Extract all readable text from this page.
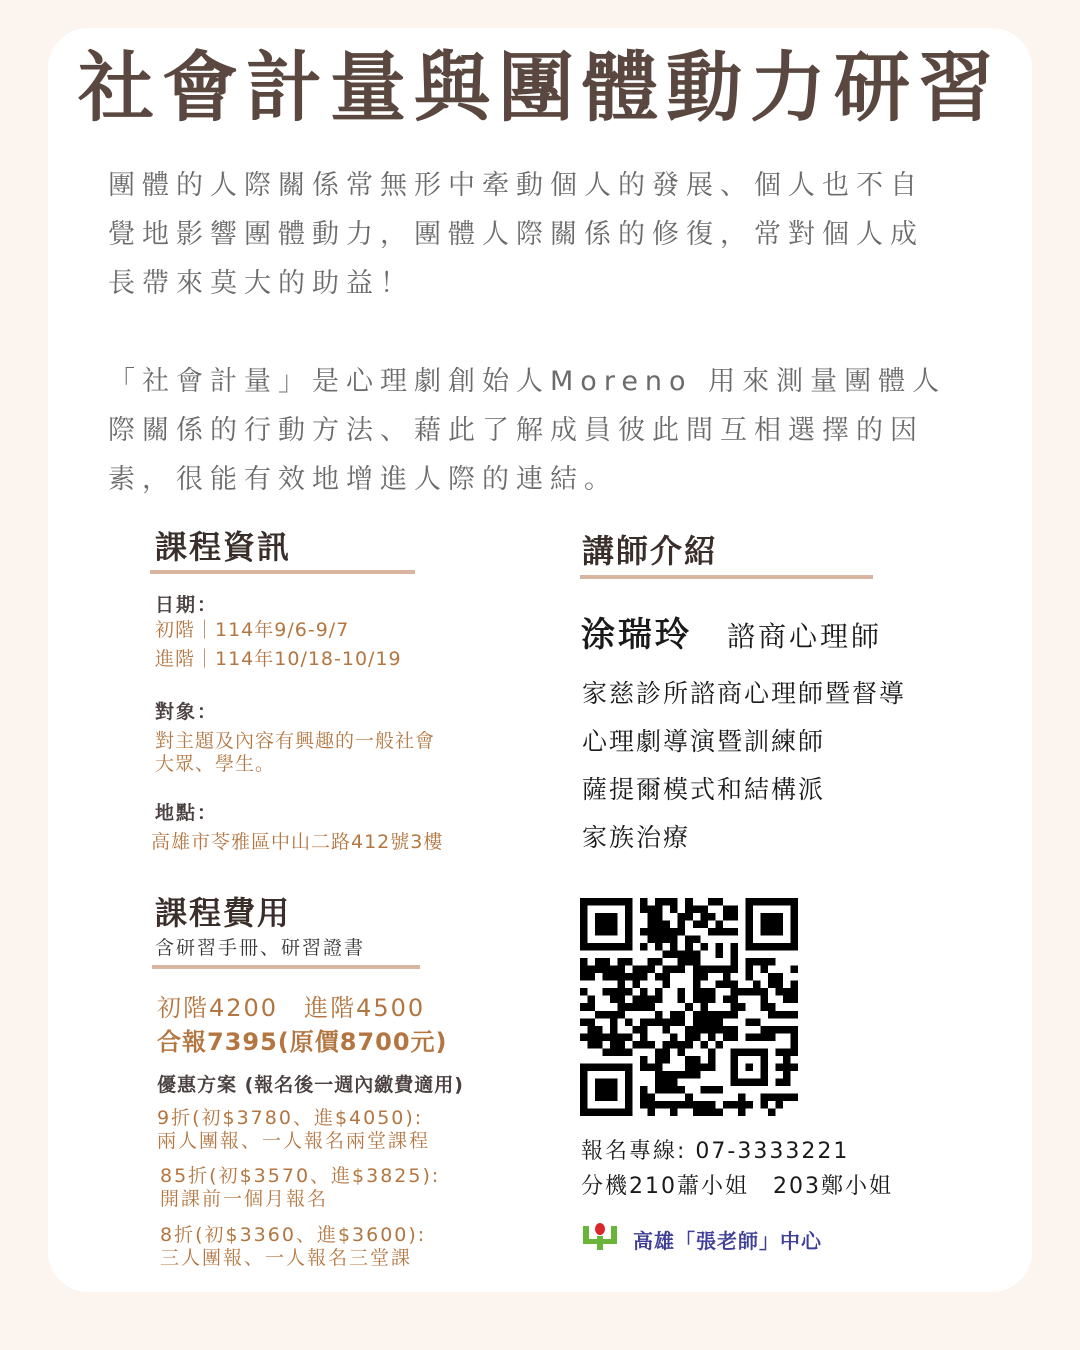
社會計量與團體動力研習
團體的人際關係常無形中牽動個人的發展、個人也不自
覺地影響團體動力，團體人際關係的修復，常對個人成
長帶來莫大的助益！
「社會計量」是心理劇創始人Moreno 用來測量團體人
際關係的行動方法、藉此了解成員彼此間互相選擇的因
素，很能有效地增進人際的連結。
課程資訊
日期：
初階｜114年9/6-9/7
進階｜114年10/18-10/19
對象：
對主題及內容有興趣的一般社會
大眾、學生。
地點：
高雄市苓雅區中山二路412號3樓
課程費用
含研習手冊、研習證書
初階4200　進階4500
合報7395(原價8700元)
優惠方案 (報名後一週內繳費適用)
9折(初$3780、進$4050):
兩人團報、一人報名兩堂課程
85折(初$3570、進$3825):
開課前一個月報名
8折(初$3360、進$3600):
三人團報、一人報名三堂課
講師介紹
涂瑞玲 諮商心理師
家慈診所諮商心理師暨督導
心理劇導演暨訓練師
薩提爾模式和結構派
家族治療
報名專線: 07-3333221
分機210蕭小姐　203鄭小姐
高雄「張老師」中心
